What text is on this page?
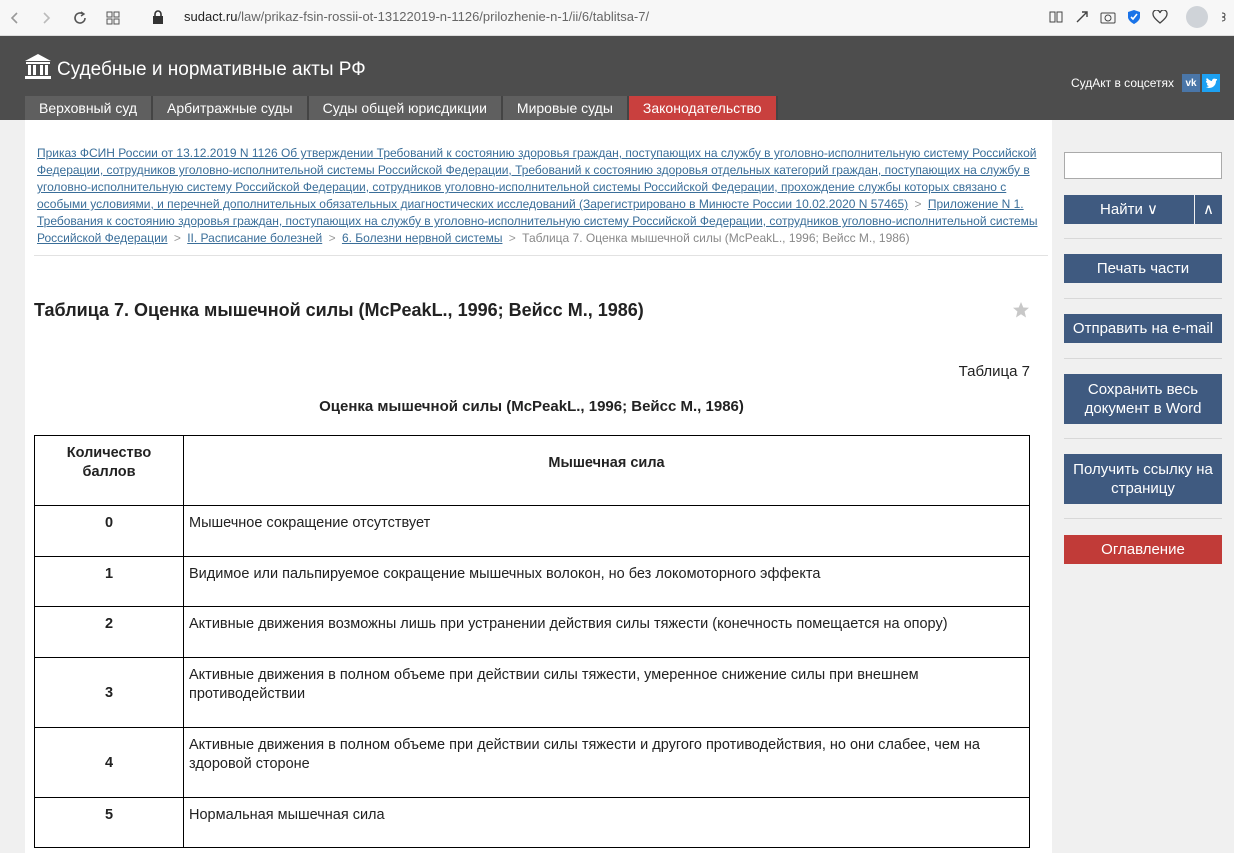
sudact.ru/law/prikaz-fsin-rossii-ot-13122019-n-1126/prilozhenie-n-1/ii/6/tablitsa-7/
Судебные и нормативные акты РФ
СудАкт в соцсетях	vk
Верховный суд	Арбитражные суды	Суды общей юрисдикции	Мировые суды	Законодательство
Приказ ФСИН России от 13.12.2019 N 1126 Об утверждении Требований к состоянию здоровья граждан, поступающих на службу в уголовно-исполнительную систему Российской Федерации, сотрудников уголовно-исполнительной системы Российской Федерации, Требований к состоянию здоровья отдельных категорий граждан, поступающих на службу в уголовно-исполнительную систему Российской Федерации, сотрудников уголовно-исполнительной системы Российской Федерации, прохождение службы которых связано с особыми условиями, и перечней дополнительных обязательных диагностических исследований (Зарегистрировано в Минюсте России 10.02.2020 N 57465) > Приложение N 1. Требования к состоянию здоровья граждан, поступающих на службу в уголовно-исполнительную систему Российской Федерации, сотрудников уголовно-исполнительной системы Российской Федерации > II. Расписание болезней > 6. Болезни нервной системы > Таблица 7. Оценка мышечной силы (McPeakL., 1996; Вейсс М., 1986)
Таблица 7. Оценка мышечной силы (McPeakL., 1996; Вейсс М., 1986)
Таблица 7
Оценка мышечной силы (McPeakL., 1996; Вейсс М., 1986)
Количество баллов	Мышечная сила

0	Мышечное сокращение отсутствует

1	Видимое или пальпируемое сокращение мышечных волокон, но без локомоторного эффекта

2	Активные движения возможны лишь при устранении действия силы тяжести (конечность помещается на опору)

3	Активные движения в полном объеме при действии силы тяжести, умеренное снижение силы при внешнем противодействии

4	Активные движения в полном объеме при действии силы тяжести и другого противодействия, но они слабее, чем на здоровой стороне

5	Нормальная мышечная сила
Найти ∨	∧
Печать части
Отправить на e-mail
Сохранить весь документ в Word
Получить ссылку на страницу
Оглавление
